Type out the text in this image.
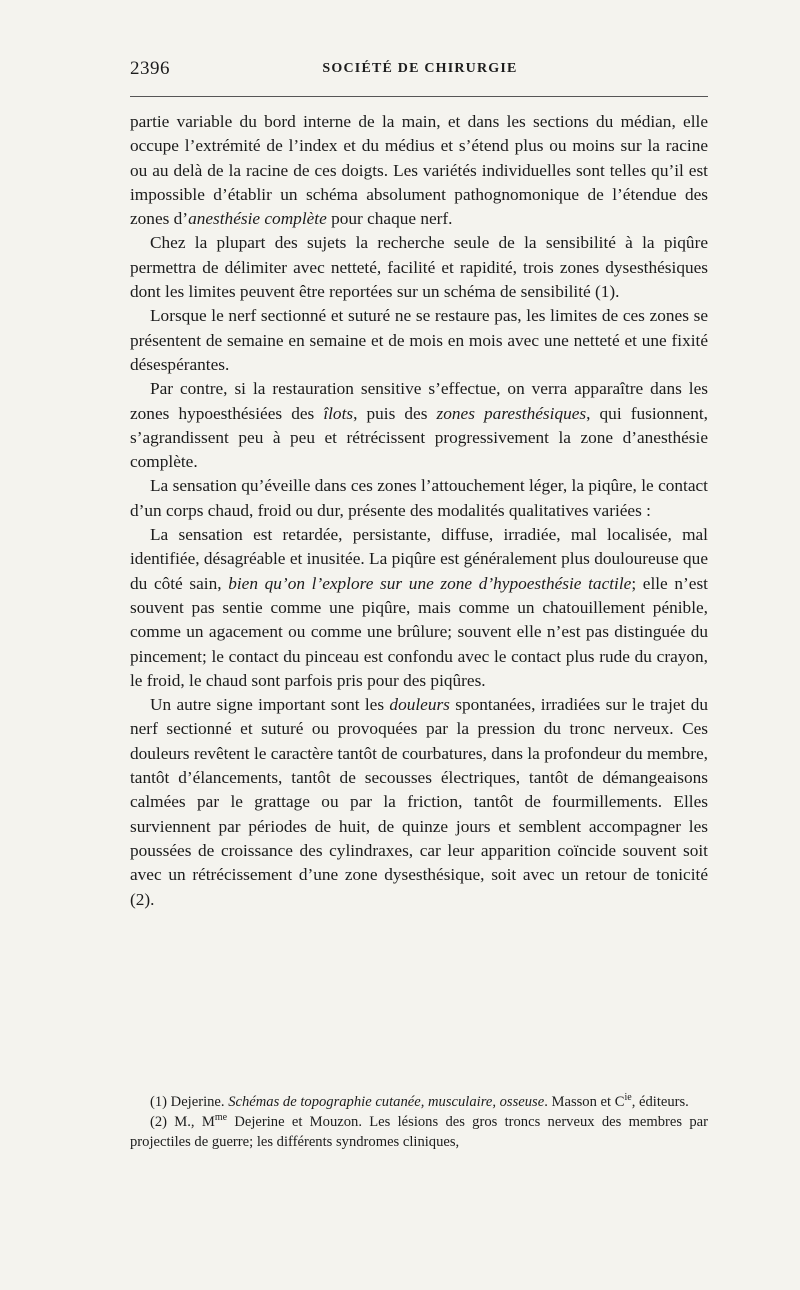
2396	SOCIÉTÉ DE CHIRURGIE

partie variable du bord interne de la main, et dans les sections du médian, elle occupe l’extrémité de l’index et du médius et s’étend plus ou moins sur la racine ou au delà de la racine de ces doigts. Les variétés individuelles sont telles qu’il est impossible d’établir un schéma absolument pathognomonique de l’étendue des zones d’anesthésie complète pour chaque nerf.

Chez la plupart des sujets la recherche seule de la sensibilité à la piqûre permettra de délimiter avec netteté, facilité et rapidité, trois zones dysesthésiques dont les limites peuvent être reportées sur un schéma de sensibilité (1).

Lorsque le nerf sectionné et suturé ne se restaure pas, les limites de ces zones se présentent de semaine en semaine et de mois en mois avec une netteté et une fixité désespérantes.

Par contre, si la restauration sensitive s’effectue, on verra apparaître dans les zones hypoesthésiées des îlots, puis des zones paresthésiques, qui fusionnent, s’agrandissent peu à peu et rétrécissent progressivement la zone d’anesthésie complète.

La sensation qu’éveille dans ces zones l’attouchement léger, la piqûre, le contact d’un corps chaud, froid ou dur, présente des modalités qualitatives variées :

La sensation est retardée, persistante, diffuse, irradiée, mal localisée, mal identifiée, désagréable et inusitée. La piqûre est généralement plus douloureuse que du côté sain, bien qu’on l’explore sur une zone d’hypoesthésie tactile; elle n’est souvent pas sentie comme une piqûre, mais comme un chatouillement pénible, comme un agacement ou comme une brûlure; souvent elle n’est pas distinguée du pincement; le contact du pinceau est confondu avec le contact plus rude du crayon, le froid, le chaud sont parfois pris pour des piqûres.

Un autre signe important sont les douleurs spontanées, irradiées sur le trajet du nerf sectionné et suturé ou provoquées par la pression du tronc nerveux. Ces douleurs revêtent le caractère tantôt de courbatures, dans la profondeur du membre, tantôt d’élancements, tantôt de secousses électriques, tantôt de démangeaisons calmées par le grattage ou par la friction, tantôt de fourmillements. Elles surviennent par périodes de huit, de quinze jours et semblent accompagner les poussées de croissance des cylindraxes, car leur apparition coïncide souvent soit avec un rétrécissement d’une zone dysesthésique, soit avec un retour de tonicité (2).

(1) Dejerine. Schémas de topographie cutanée, musculaire, osseuse. Masson et $C^{ie}$, éditeurs.

(2) M., $M^{me}$ Dejerine et Mouzon. Les lésions des gros troncs nerveux des membres par projectiles de guerre; les différents syndromes cliniques,
